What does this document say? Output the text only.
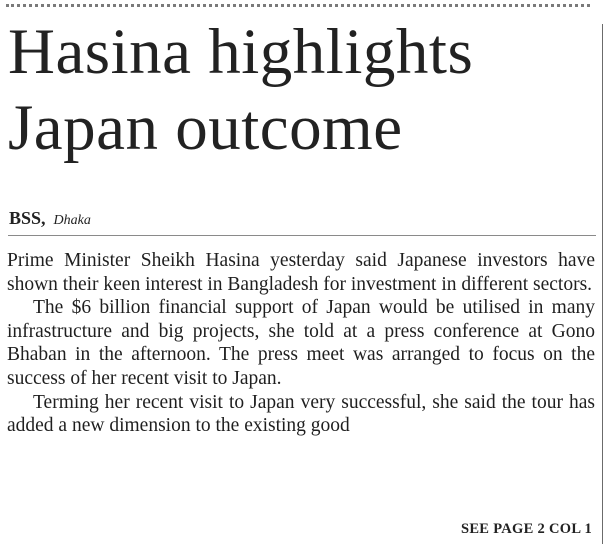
Hasina highlights
Japan outcome
BSS, Dhaka

Prime Minister Sheikh Hasina yesterday said Japanese investors have shown their keen interest in Bangladesh for investment in different sectors.

The $6 billion financial support of Japan would be utilised in many infrastructure and big projects, she told at a press conference at Gono Bhaban in the afternoon. The press meet was arranged to focus on the success of her recent visit to Japan.

Terming her recent visit to Japan very successful, she said the tour has added a new dimension to the existing good

SEE PAGE 2 COL 1
